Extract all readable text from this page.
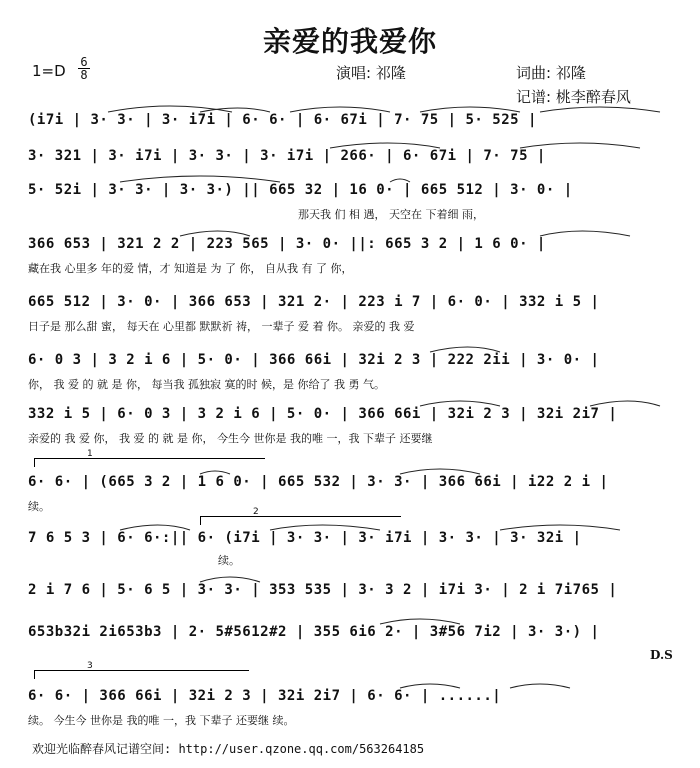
亲爱的我爱你
1=D 6
8	演唱: 祁隆	词曲: 祁隆
记谱: 桃李醉春风
(i7i | 3· 3· | 3· i7i | 6· 6· | 6· 67i | 7· 75 | 5· 525 |
3· 321 | 3· i7i | 3· 3· | 3· i7i | 266· | 6· 67i | 7· 75 |
5· 52i | 3· 3· | 3· 3·) || 665 32 | 16 0· | 665 512 | 3· 0· |
那天我 们 相 遇， 天空在 下着细 雨，
366 653 | 321 2 2 | 223 565 | 3· 0· ||: 665 3 2 | 1 6 0· |
藏在我 心里多 年的爱 情，才 知道是 为 了 你， 自从我 有 了 你，
665 512 | 3· 0· | 366 653 | 321 2· | 223 i 7 | 6· 0· | 332 i 5 |
日子是 那么甜 蜜， 每天在 心里都 默默祈 祷， 一辈子 爱 着 你。 亲爱的 我 爱
6· 0 3 | 3 2 i 6 | 5· 0· | 366 66i | 32i 2 3 | 222 2ii | 3· 0· |
你， 我 爱 的 就 是 你， 每当我 孤独寂 寞的时 候，是 你给了 我 勇 气。
332 i 5 | 6· 0 3 | 3 2 i 6 | 5· 0· | 366 66i | 32i 2 3 | 32i 2i7 |
亲爱的 我 爱 你， 我 爱 的 就 是 你， 今生今 世你是 我的唯 一，我 下辈子 还要继
1
6· 6· | (665 3 2 | 1 6 0· | 665 532 | 3· 3· | 366 66i | i22 2 i |
续。	2
7 6 5 3 | 6· 6·:|| 6· (i7i | 3· 3· | 3· i7i | 3· 3· | 3· 32i |
续。
2 i 7 6 | 5· 6 5 | 3· 3· | 353 535 | 3· 3 2 | i7i 3· | 2 i 7i765 |
653b32i 2i653b3 | 2· 5#5612#2 | 355 6i6 2· | 3#56 7i2 | 3· 3·) |
D.S
3
6· 6· | 366 66i | 32i 2 3 | 32i 2i7 | 6· 6· | ......|
续。 今生今 世你是 我的唯 一，我 下辈子 还要继 续。
欢迎光临醉春风记谱空间: http://user.qzone.qq.com/563264185
